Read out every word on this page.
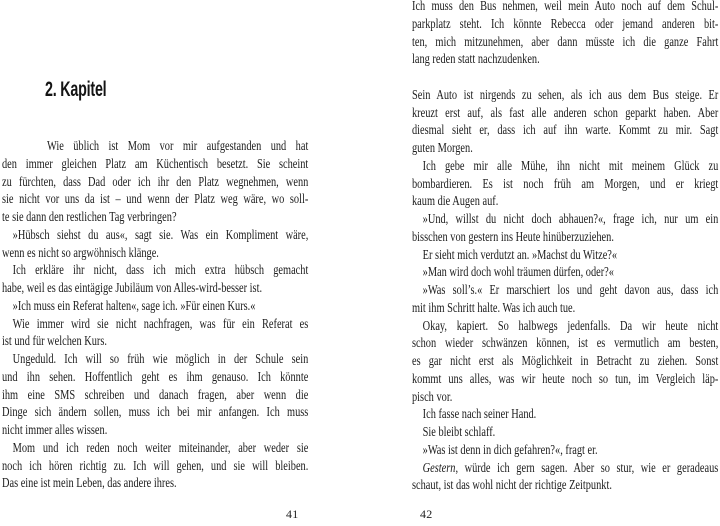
2. Kapitel
Wie üblich ist Mom vor mir aufgestanden und hat
den immer gleichen Platz am Küchentisch besetzt. Sie scheint
zu fürchten, dass Dad oder ich ihr den Platz wegnehmen, wenn
sie nicht vor uns da ist – und wenn der Platz weg wäre, wo soll-
te sie dann den restlichen Tag verbringen?
»Hübsch siehst du aus«, sagt sie. Was ein Kompliment wäre,
wenn es nicht so argwöhnisch klänge.
Ich erkläre ihr nicht, dass ich mich extra hübsch gemacht
habe, weil es das eintägige Jubiläum von Alles-wird-besser ist.
»Ich muss ein Referat halten«, sage ich. »Für einen Kurs.«
Wie immer wird sie nicht nachfragen, was für ein Referat es
ist und für welchen Kurs.
Ungeduld. Ich will so früh wie möglich in der Schule sein
und ihn sehen. Hoffentlich geht es ihm genauso. Ich könnte
ihm eine SMS schreiben und danach fragen, aber wenn die
Dinge sich ändern sollen, muss ich bei mir anfangen. Ich muss
nicht immer alles wissen.
Mom und ich reden noch weiter miteinander, aber weder sie
noch ich hören richtig zu. Ich will gehen, und sie will bleiben.
Das eine ist mein Leben, das andere ihres.
41
Ich muss den Bus nehmen, weil mein Auto noch auf dem Schul-
parkplatz steht. Ich könnte Rebecca oder jemand anderen bit-
ten, mich mitzunehmen, aber dann müsste ich die ganze Fahrt
lang reden statt nachzudenken.
Sein Auto ist nirgends zu sehen, als ich aus dem Bus steige. Er
kreuzt erst auf, als fast alle anderen schon geparkt haben. Aber
diesmal sieht er, dass ich auf ihn warte. Kommt zu mir. Sagt
guten Morgen.
Ich gebe mir alle Mühe, ihn nicht mit meinem Glück zu
bombardieren. Es ist noch früh am Morgen, und er kriegt
kaum die Augen auf.
»Und, willst du nicht doch abhauen?«, frage ich, nur um ein
bisschen von gestern ins Heute hinüberzuziehen.
Er sieht mich verdutzt an. »Machst du Witze?«
»Man wird doch wohl träumen dürfen, oder?«
»Was soll’s.« Er marschiert los und geht davon aus, dass ich
mit ihm Schritt halte. Was ich auch tue.
Okay, kapiert. So halbwegs jedenfalls. Da wir heute nicht
schon wieder schwänzen können, ist es vermutlich am besten,
es gar nicht erst als Möglichkeit in Betracht zu ziehen. Sonst
kommt uns alles, was wir heute noch so tun, im Vergleich läp-
pisch vor.
Ich fasse nach seiner Hand.
Sie bleibt schlaff.
»Was ist denn in dich gefahren?«, fragt er.
Gestern, würde ich gern sagen. Aber so stur, wie er geradeaus
schaut, ist das wohl nicht der richtige Zeitpunkt.
42
